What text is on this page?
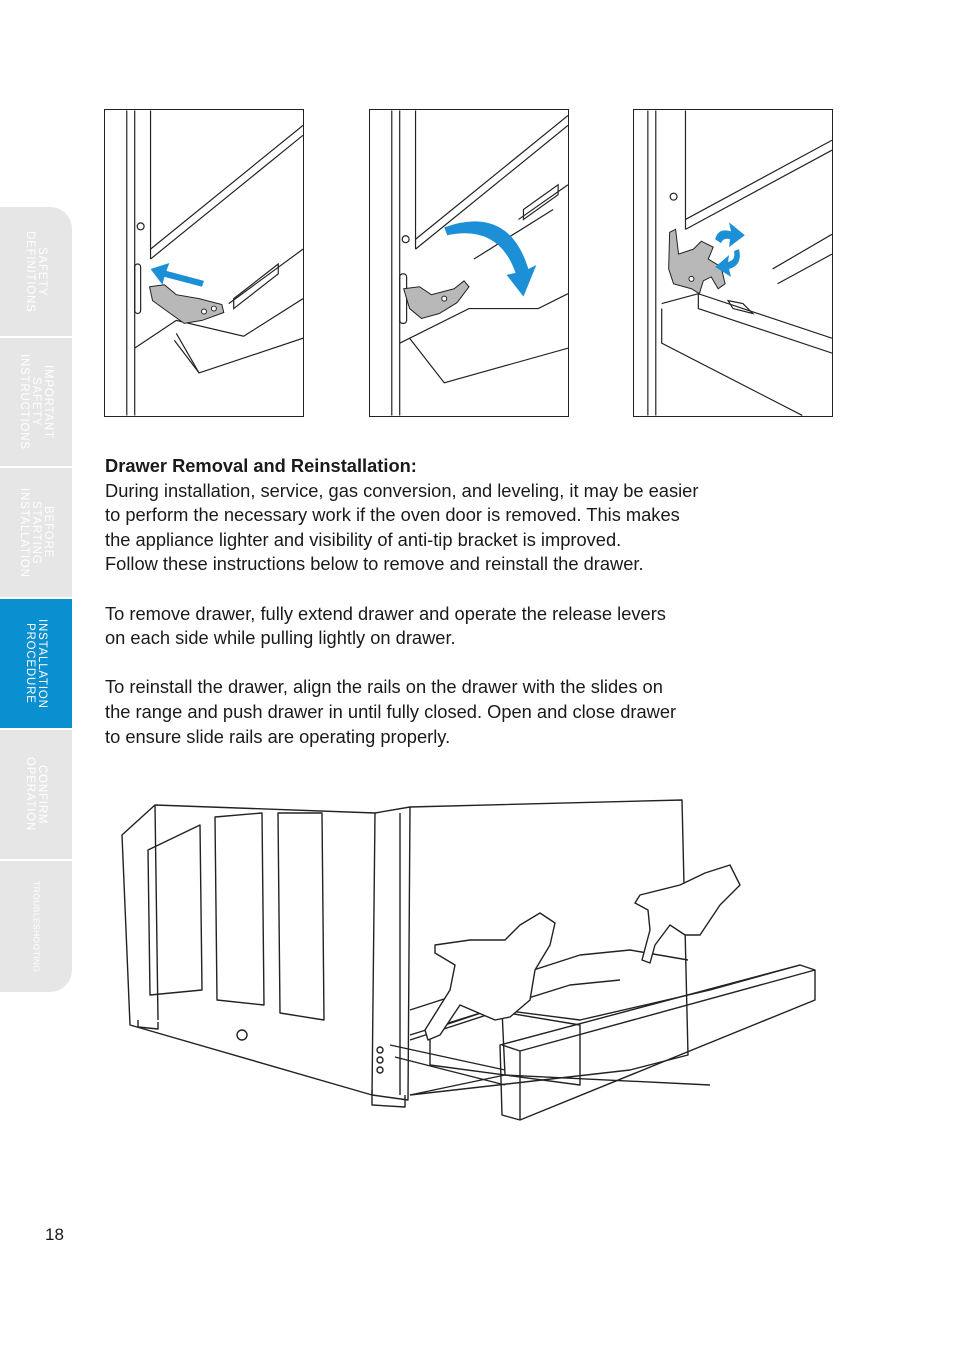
SAFETY
DEFINITIONS
IMPORTANT
SAFETY
INSTRUCTIONS
BEFORE
STARTING
INSTALLATION
INSTALLATION
PROCEDURE
CONFIRM
OPERATION
TROUBLESHOOTING

Drawer Removal and Reinstallation:

During installation, service, gas conversion, and leveling, it may be easier

to perform the necessary work if the oven door is removed. This makes

the appliance lighter and visibility of anti-tip bracket is improved.

Follow these instructions below to remove and reinstall the drawer.

To remove drawer, fully extend drawer and operate the release levers

on each side while pulling lightly on drawer.

To reinstall the drawer, align the rails on the drawer with the slides on

the range and push drawer in until fully closed. Open and close drawer

to ensure slide rails are operating properly.

18
